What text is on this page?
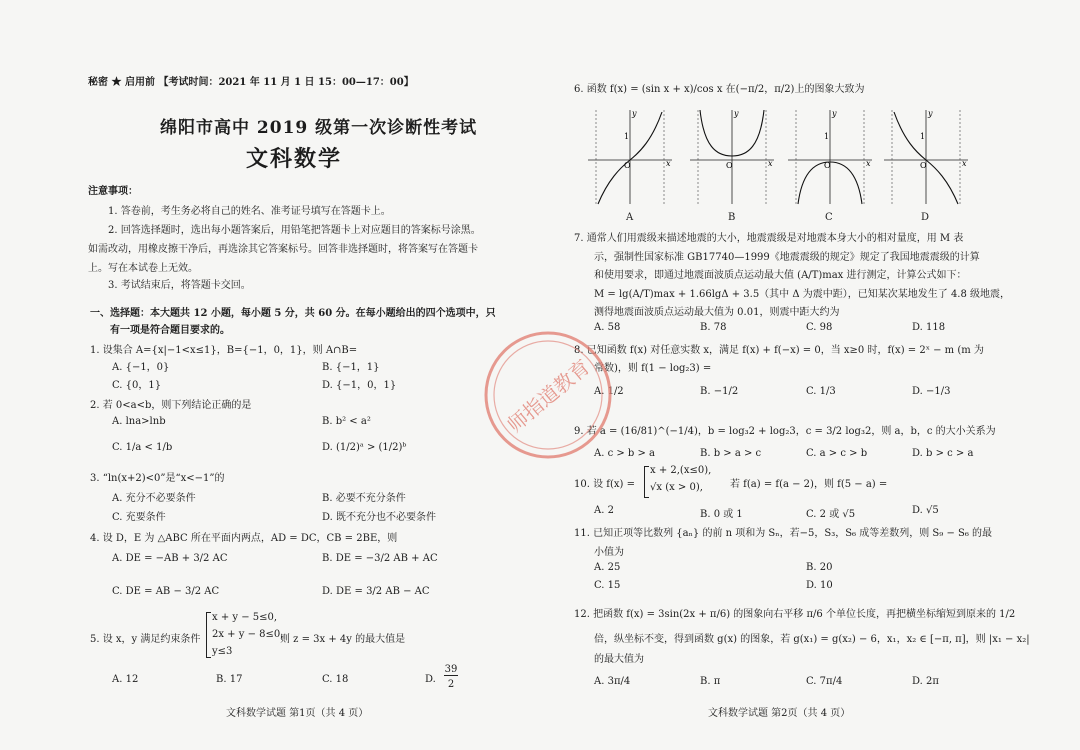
秘密 ★ 启用前 【考试时间：2021 年 11 月 1 日 15：00—17：00】
绵阳市高中 2019 级第一次诊断性考试
文科数学
注意事项：
1. 答卷前，考生务必将自己的姓名、准考证号填写在答题卡上。
2. 回答选择题时，选出每小题答案后，用铅笔把答题卡上对应题目的答案标号涂黑。
如需改动，用橡皮擦干净后，再选涂其它答案标号。回答非选择题时，将答案写在答题卡
上。写在本试卷上无效。
3. 考试结束后，将答题卡交回。
一、选择题：本大题共 12 小题，每小题 5 分，共 60 分。在每小题给出的四个选项中，只
有一项是符合题目要求的。
1. 设集合 A={x|−1<x≤1}，B={−1，0，1}，则 A∩B=
A. {−1，0}	B. {−1，1}
C. {0，1}	D. {−1，0，1}
2. 若 0<a<b，则下列结论正确的是
A. lna>lnb	B. b² < a²
C. 1/a < 1/b	D. (1/2)ᵃ > (1/2)ᵇ
3. “ln(x+2)<0”是“x<−1”的
A. 充分不必要条件	B. 必要不充分条件
C. 充要条件	D. 既不充分也不必要条件
4. 设 D，E 为 △ABC 所在平面内两点，AD = DC，CB = 2BE，则
A. DE = −AB + 3/2 AC	B. DE = −3/2 AB + AC
C. DE = AB − 3/2 AC	D. DE = 3/2 AB − AC
5. 设 x，y 满足约束条件
x + y − 5≤0,
2x + y − 8≤0,
y≤3
则 z = 3x + 4y 的最大值是
A. 12	B. 17	C. 18	D.
39
2
文科数学试题 第1页（共 4 页）
6. 函数 f(x) = (sin x + x)/cos x 在(−π/2，π/2)上的图象大致为
y
x
O
1
y
x
O
y
x
O
1
y
x
O
1
A	B	C	D
7. 通常人们用震级来描述地震的大小，地震震级是对地震本身大小的相对量度，用 M 表
示，强制性国家标准 GB17740—1999《地震震级的规定》规定了我国地震震级的计算
和使用要求，即通过地震面波质点运动最大值 (A/T)max 进行测定，计算公式如下：
M = lg(A/T)max + 1.66lgΔ + 3.5（其中 Δ 为震中距），已知某次某地发生了 4.8 级地震，
测得地震面波质点运动最大值为 0.01，则震中距大约为
A. 58	B. 78	C. 98	D. 118
8. 已知函数 f(x) 对任意实数 x，满足 f(x) + f(−x) = 0，当 x≥0 时，f(x) = 2ˣ − m (m 为
常数)，则 f(1 − log₂3) =
A. 1/2	B. −1/2	C. 1/3	D. −1/3
9. 若 a = (16/81)^(−1/4)，b = log₃2 + log₂3，c = 3/2 log₃2，则 a，b，c 的大小关系为
A. c > b > a	B. b > a > c	C. a > c > b	D. b > c > a
10. 设 f(x) =
x + 2,(x≤0),
√x (x > 0),	若 f(a) = f(a − 2)，则 f(5 − a) =
A. 2	B. 0 或 1	C. 2 或 √5	D. √5
11. 已知正项等比数列 {aₙ} 的前 n 项和为 Sₙ，若−5，S₃，S₆ 成等差数列，则 S₉ − S₆ 的最
小值为
A. 25	B. 20
C. 15	D. 10
12. 把函数 f(x) = 3sin(2x + π/6) 的图象向右平移 π/6 个单位长度，再把横坐标缩短到原来的 1/2
倍，纵坐标不变，得到函数 g(x) 的图象，若 g(x₁) = g(x₂) − 6，x₁，x₂ ∈ [−π, π]，则 |x₁ − x₂|
的最大值为
A. 3π/4	B. π	C. 7π/4	D. 2π
文科数学试题 第2页（共 4 页）
师指道教育
